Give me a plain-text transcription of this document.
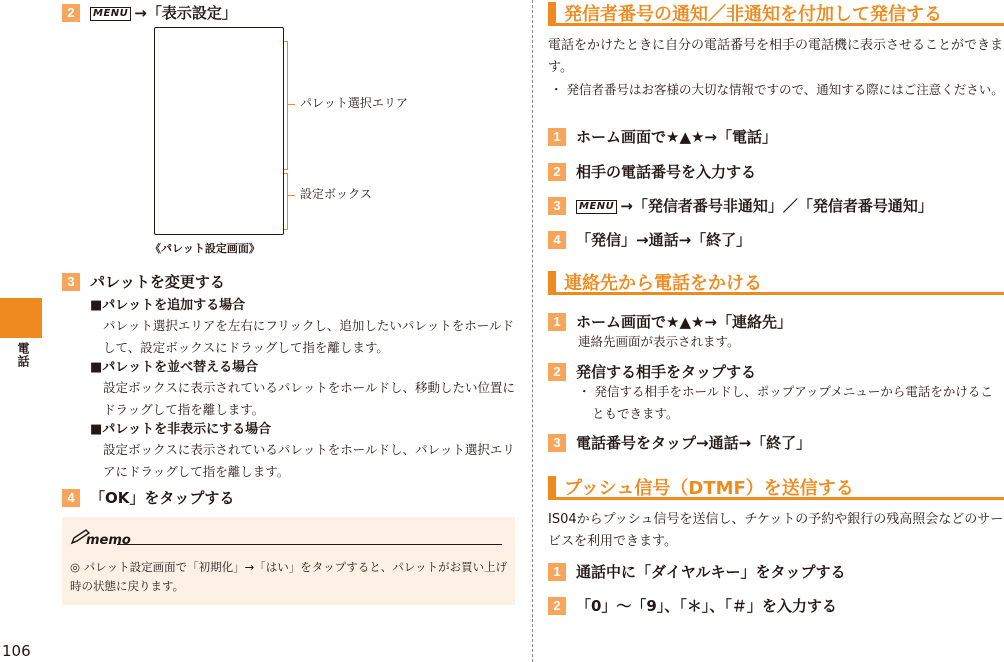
電話
106
2	MENU →「表示設定」
パレット選択エリア
設定ボックス
《パレット設定画面》
3	パレットを変更する
■パレットを追加する場合
パレット選択エリアを左右にフリックし、追加したいパレットをホールドして、設定ボックスにドラッグして指を離します。
■パレットを並べ替える場合
設定ボックスに表示されているパレットをホールドし、移動したい位置にドラッグして指を離します。
■パレットを非表示にする場合
設定ボックスに表示されているパレットをホールドし、パレット選択エリアにドラッグして指を離します。
4	「OK」をタップする
memo
◎ パレット設定画面で「初期化」→「はい」をタップすると、パレットがお買い上げ時の状態に戻ります。
発信者番号の通知／非通知を付加して発信する
電話をかけたときに自分の電話番号を相手の電話機に表示させることができます。
・ 発信者番号はお客様の大切な情報ですので、通知する際にはご注意ください。
1	ホーム画面で★▲★→「電話」
2	相手の電話番号を入力する
3	MENU →「発信者番号非通知」／「発信者番号通知」
4	「発信」→通話→「終了」
連絡先から電話をかける
1	ホーム画面で★▲★→「連絡先」
連絡先画面が表示されます。
2	発信する相手をタップする
・ 発信する相手をホールドし、ポップアップメニューから電話をかけることもできます。
3	電話番号をタップ→通話→「終了」
プッシュ信号（DTMF）を送信する
IS04からプッシュ信号を送信し、チケットの予約や銀行の残高照会などのサービスを利用できます。
1	通話中に「ダイヤルキー」をタップする
2	「0」～「9」、「＊」、「＃」を入力する
